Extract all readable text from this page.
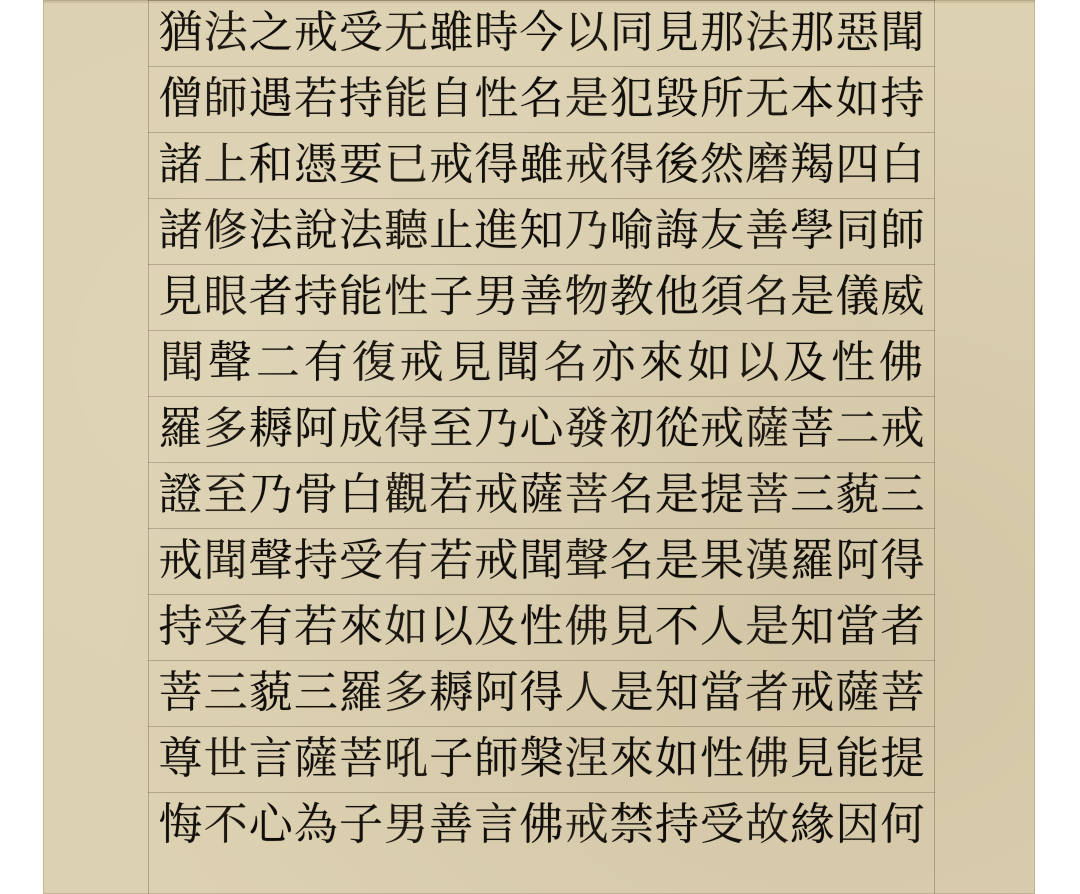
聞
惡
那
法
那
見
同
以
今
時
雖
无
受
戒
之
法
猶
持
如
本
无
所
毀
犯
是
名
性
自
能
持
若
遇
師
僧
白
四
羯
磨
然
後
得
戒
雖
得
戒
已
要
憑
和
上
諸
師
同
學
善
友
誨
喻
乃
知
進
止
聽
法
說
法
修
諸
威
儀
是
名
須
他
教
物
善
男
子
性
能
持
者
眼
見
佛
性
及
以
如
來
亦
名
聞
見
戒
復
有
二
聲
聞
戒
二
菩
薩
戒
從
初
發
心
乃
至
得
成
阿
耨
多
羅
三
藐
三
菩
提
是
名
菩
薩
戒
若
觀
白
骨
乃
至
證
得
阿
羅
漢
果
是
名
聲
聞
戒
若
有
受
持
聲
聞
戒
者
當
知
是
人
不
見
佛
性
及
以
如
來
若
有
受
持
菩
薩
戒
者
當
知
是
人
得
阿
耨
多
羅
三
藐
三
菩
提
能
見
佛
性
如
來
涅
槃
師
子
吼
菩
薩
言
世
尊
何
因
緣
故
受
持
禁
戒
佛
言
善
男
子
為
心
不
悔
